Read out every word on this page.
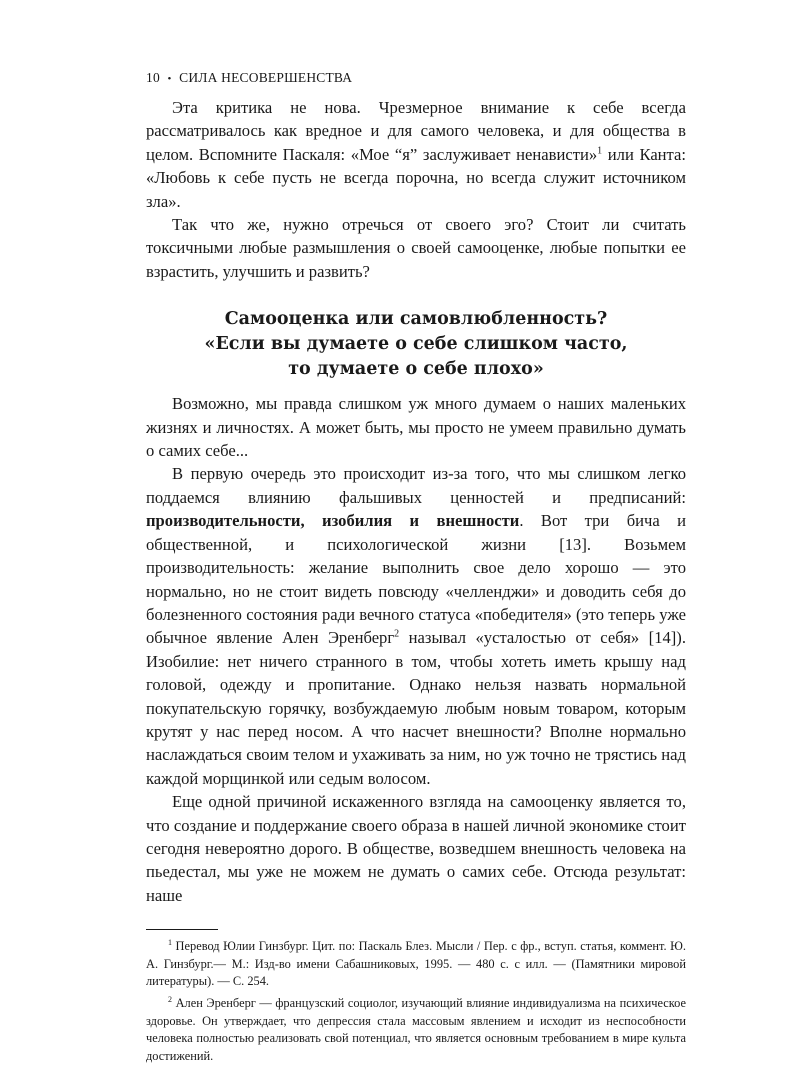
10 • СИЛА НЕСОВЕРШЕНСТВА

Эта критика не нова. Чрезмерное внимание к себе всегда рассматривалось как вредное и для самого человека, и для общества в целом. Вспомните Паскаля: «Мое “я” заслуживает ненависти»$^1$ или Канта: «Любовь к себе пусть не всегда порочна, но всегда служит источником зла».

Так что же, нужно отречься от своего эго? Стоит ли считать токсичными любые размышления о своей самооценке, любые попытки ее взрастить, улучшить и развить?

Самооценка или самовлюбленность?
«Если вы думаете о себе слишком часто,
то думаете о себе плохо»

Возможно, мы правда слишком уж много думаем о наших маленьких жизнях и личностях. А может быть, мы просто не умеем правильно думать о самих себе...

В первую очередь это происходит из-за того, что мы слишком легко поддаемся влиянию фальшивых ценностей и предписаний: производительности, изобилия и внешности. Вот три бича и общественной, и психологической жизни [13]. Возьмем производительность: желание выполнить свое дело хорошо — это нормально, но не стоит видеть повсюду «челленджи» и доводить себя до болезненного состояния ради вечного статуса «победителя» (это теперь уже обычное явление Ален Эренберг$^2$ называл «усталостью от себя» [14]). Изобилие: нет ничего странного в том, чтобы хотеть иметь крышу над головой, одежду и пропитание. Однако нельзя назвать нормальной покупательскую горячку, возбуждаемую любым новым товаром, которым крутят у нас перед носом. А что насчет внешности? Вполне нормально наслаждаться своим телом и ухаживать за ним, но уж точно не трястись над каждой морщинкой или седым волосом.

Еще одной причиной искаженного взгляда на самооценку является то, что создание и поддержание своего образа в нашей личной экономике стоит сегодня невероятно дорого. В обществе, возведшем внешность человека на пьедестал, мы уже не можем не думать о самих себе. Отсюда результат: наше

$^1$ Перевод Юлии Гинзбург. Цит. по: Паскаль Блез. Мысли / Пер. с фр., вступ. статья, коммент. Ю. А. Гинзбург.— М.: Изд-во имени Сабашниковых, 1995. — 480 с. с илл. — (Памятники мировой литературы). — С. 254.

$^2$ Ален Эренберг — французский социолог, изучающий влияние индивидуализма на психическое здоровье. Он утверждает, что депрессия стала массовым явлением и исходит из неспособности человека полностью реализовать свой потенциал, что является основным требованием в мире культа достижений.
